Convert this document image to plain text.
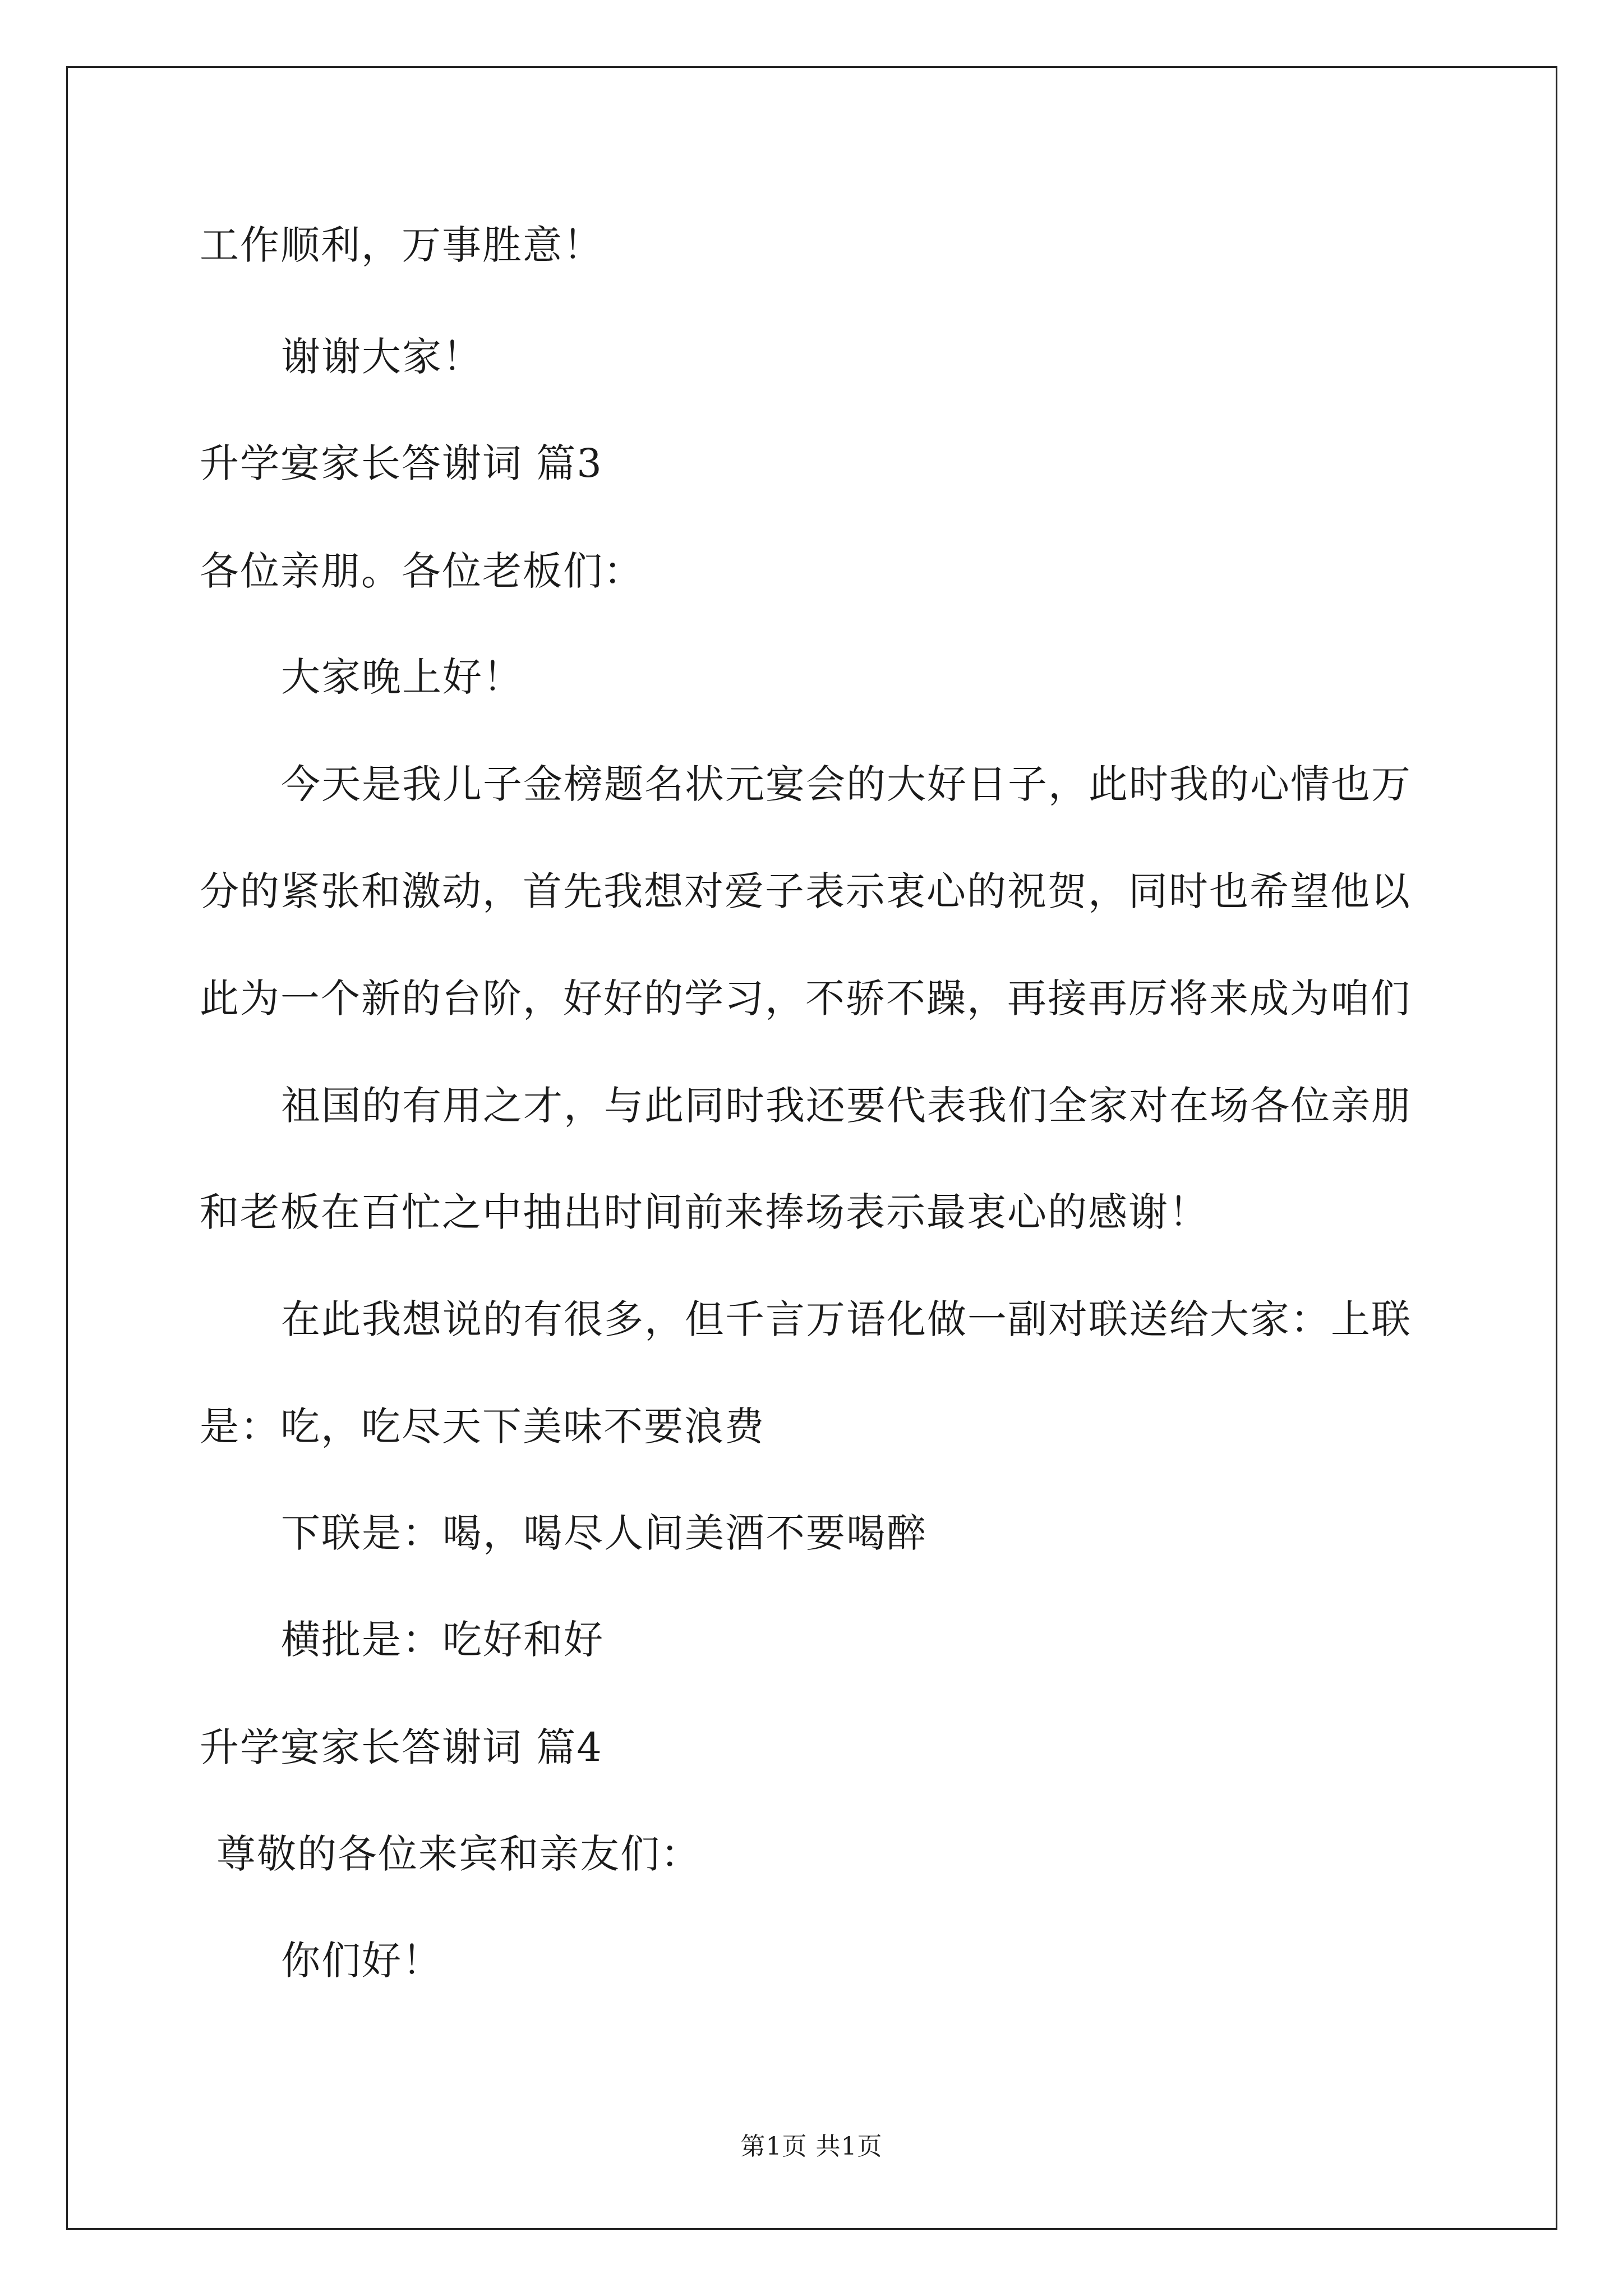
工作顺利，万事胜意！
谢谢大家！
升学宴家长答谢词 篇3
各位亲朋。各位老板们：
大家晚上好！
今天是我儿子金榜题名状元宴会的大好日子，此时我的心情也万
分的紧张和激动，首先我想对爱子表示衷心的祝贺，同时也希望他以
此为一个新的台阶，好好的学习，不骄不躁，再接再厉将来成为咱们
祖国的有用之才，与此同时我还要代表我们全家对在场各位亲朋
和老板在百忙之中抽出时间前来捧场表示最衷心的感谢！
在此我想说的有很多，但千言万语化做一副对联送给大家：上联
是：吃，吃尽天下美味不要浪费
下联是：喝，喝尽人间美酒不要喝醉
横批是：吃好和好
升学宴家长答谢词 篇4
尊敬的各位来宾和亲友们：
你们好！
第1页 共1页
